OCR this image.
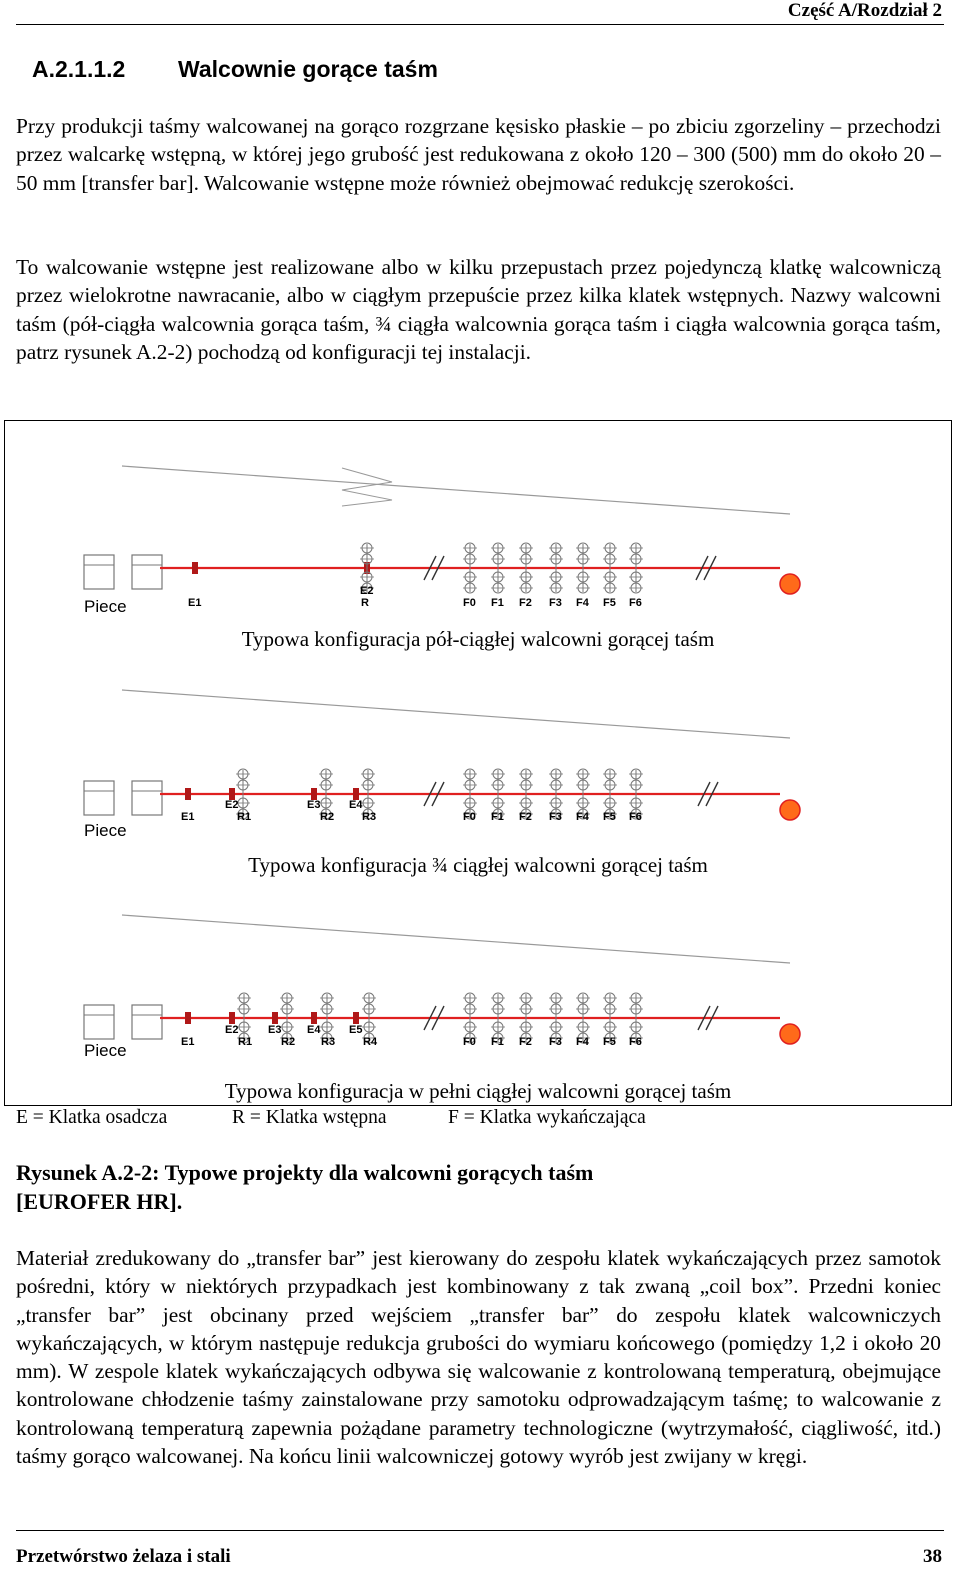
Część A/Rozdział 2
A.2.1.1.2 Walcownie gorące taśm
Przy produkcji taśmy walcowanej na gorąco rozgrzane kęsisko płaskie – po zbiciu zgorzeliny – przechodzi przez walcarkę wstępną, w której jego grubość jest redukowana z około 120 – 300 (500) mm do około 20 – 50 mm [transfer bar]. Walcowanie wstępne może również obejmować redukcję szerokości.
To walcowanie wstępne jest realizowane albo w kilku przepustach przez pojedynczą klatkę walcowniczą przez wielokrotne nawracanie, albo w ciągłym przepuście przez kilka klatek wstępnych. Nazwy walcowni taśm (pół-ciągła walcownia gorąca taśm, ¾ ciągła walcownia gorąca taśm i ciągła walcownia gorąca taśm, patrz rysunek A.2-2) pochodzą od konfiguracji tej instalacji.
Piece	E1
E2
R	F0 F1 F2 F3 F4 F5 F6
Typowa konfiguracja pół-ciągłej walcowni gorącej taśm
Piece
E1
E2	E3	E4
R1	R2	R3	F0 F1 F2 F3 F4 F5 F6
Typowa konfiguracja ¾ ciągłej walcowni gorącej taśm
Piece	E1
E2	E3 E4	E5
R1	R2 R3	R4	F0 F1 F2 F3 F4 F5 F6
Typowa konfiguracja w pełni ciągłej walcowni gorącej taśm
E = Klatka osadcza	R = Klatka wstępna	F = Klatka wykańczająca
Rysunek A.2-2: Typowe projekty dla walcowni gorących taśm
[EUROFER HR].
Materiał zredukowany do „transfer bar” jest kierowany do zespołu klatek wykańczających przez samotok pośredni, który w niektórych przypadkach jest kombinowany z tak zwaną „coil box”. Przedni koniec „transfer bar” jest obcinany przed wejściem „transfer bar” do zespołu klatek walcowniczych wykańczających, w którym następuje redukcja grubości do wymiaru końcowego (pomiędzy 1,2 i około 20 mm). W zespole klatek wykańczających odbywa się walcowanie z kontrolowaną temperaturą, obejmujące kontrolowane chłodzenie taśmy zainstalowane przy samotoku odprowadzającym taśmę; to walcowanie z kontrolowaną temperaturą zapewnia pożądane parametry technologiczne (wytrzymałość, ciągliwość, itd.) taśmy gorąco walcowanej. Na końcu linii walcowniczej gotowy wyrób jest zwijany w kręgi.
Przetwórstwo żelaza i stali	38
